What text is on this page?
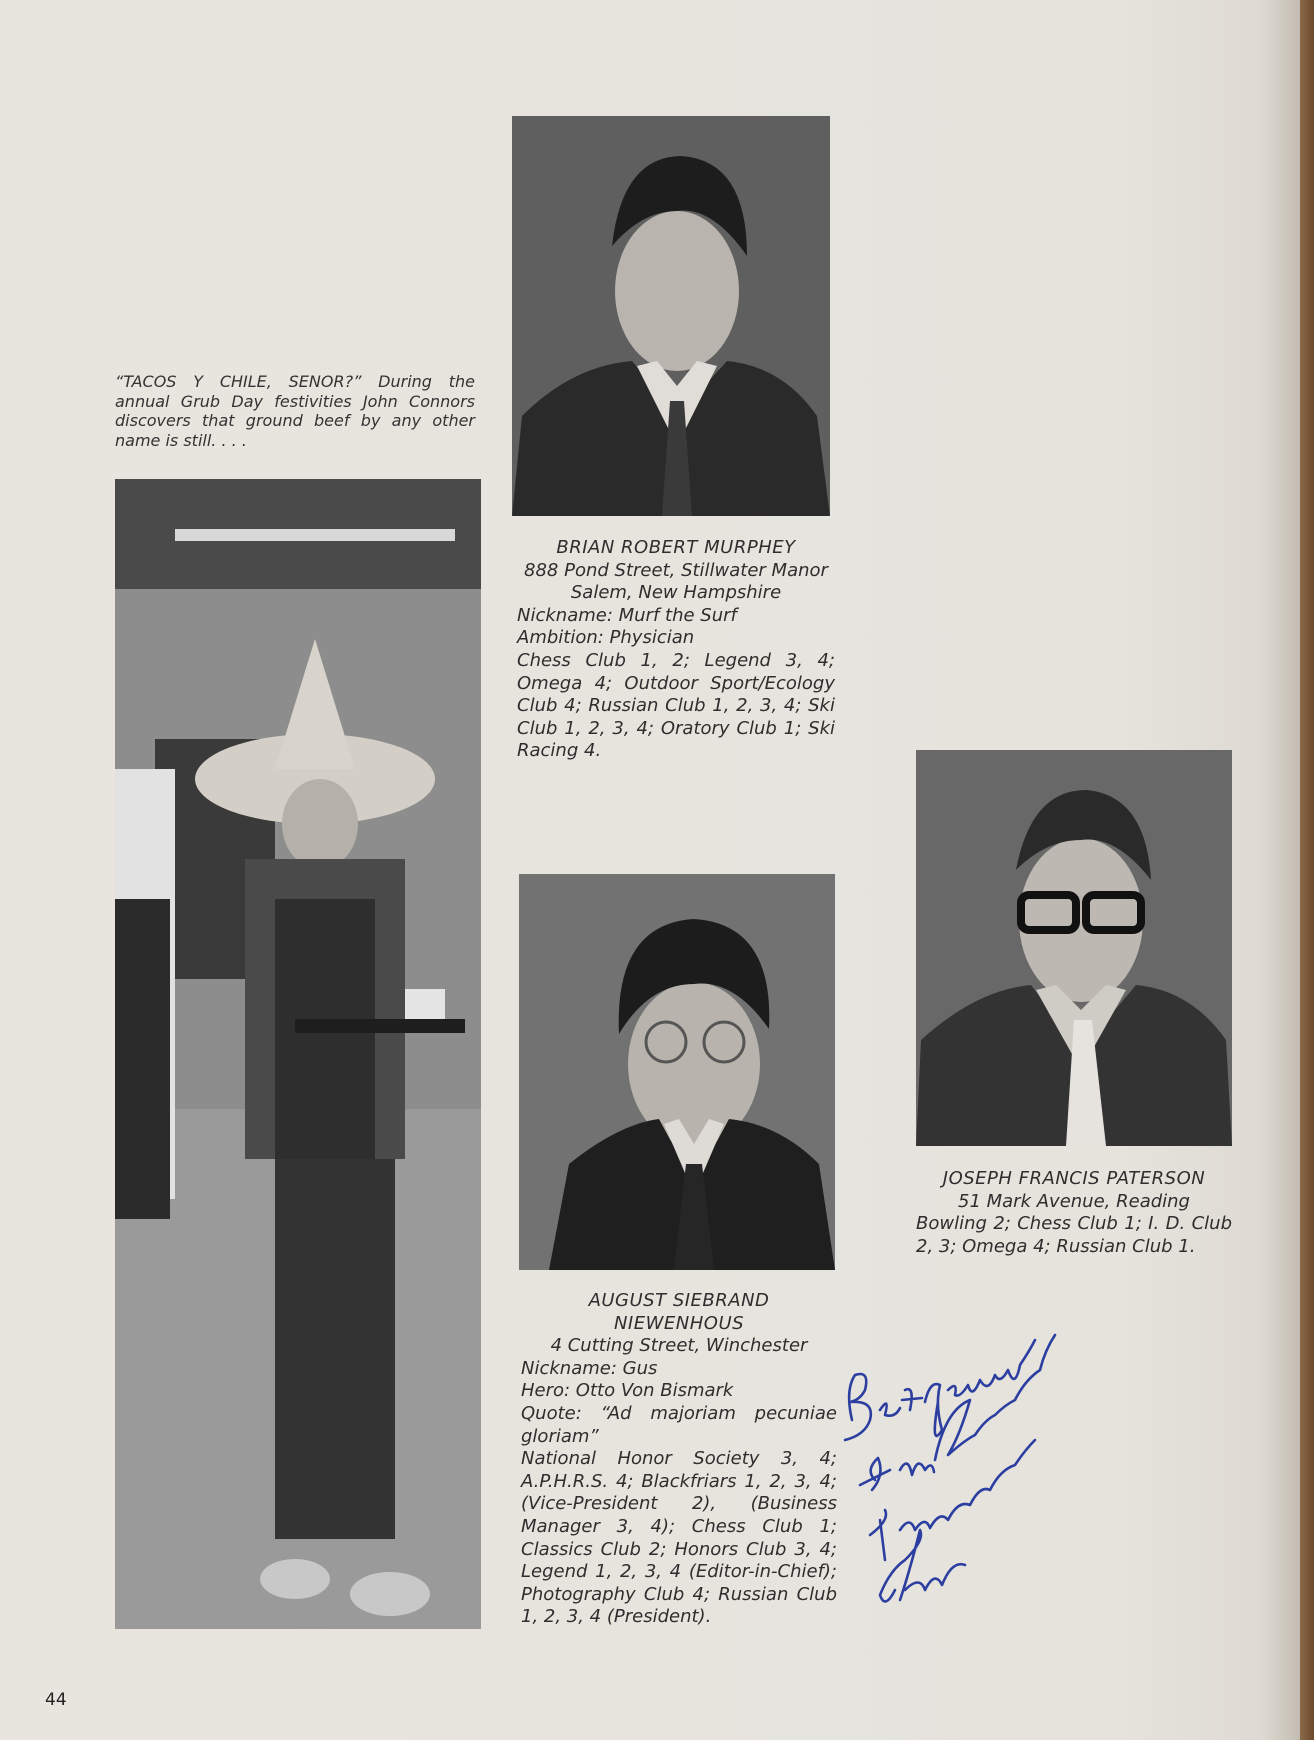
“TACOS Y CHILE, SENOR?” During the annual Grub Day festivities John Connors discovers that ground beef by any other name is still. . . .
BRIAN ROBERT MURPHEY
888 Pond Street, Stillwater Manor
Salem, New Hampshire
Nickname: Murf the Surf
Ambition: Physician
Chess Club 1, 2; Legend 3, 4; Omega 4; Outdoor Sport/Ecology Club 4; Russian Club 1, 2, 3, 4; Ski Club 1, 2, 3, 4; Oratory Club 1; Ski Racing 4.
JOSEPH FRANCIS PATERSON
51 Mark Avenue, Reading
Bowling 2; Chess Club 1; I. D. Club 2, 3; Omega 4; Russian Club 1.
AUGUST SIEBRAND
NIEWENHOUS
4 Cutting Street, Winchester
Nickname: Gus
Hero: Otto Von Bismark
Quote: “Ad majoriam pecuniae gloriam”
National Honor Society 3, 4; A.P.H.R.S. 4; Blackfriars 1, 2, 3, 4; (Vice-President 2), (Business Manager 3, 4); Chess Club 1; Classics Club 2; Honors Club 3, 4; Legend 1, 2, 3, 4 (Editor-in-Chief); Photography Club 4; Russian Club 1, 2, 3, 4 (President).
44
